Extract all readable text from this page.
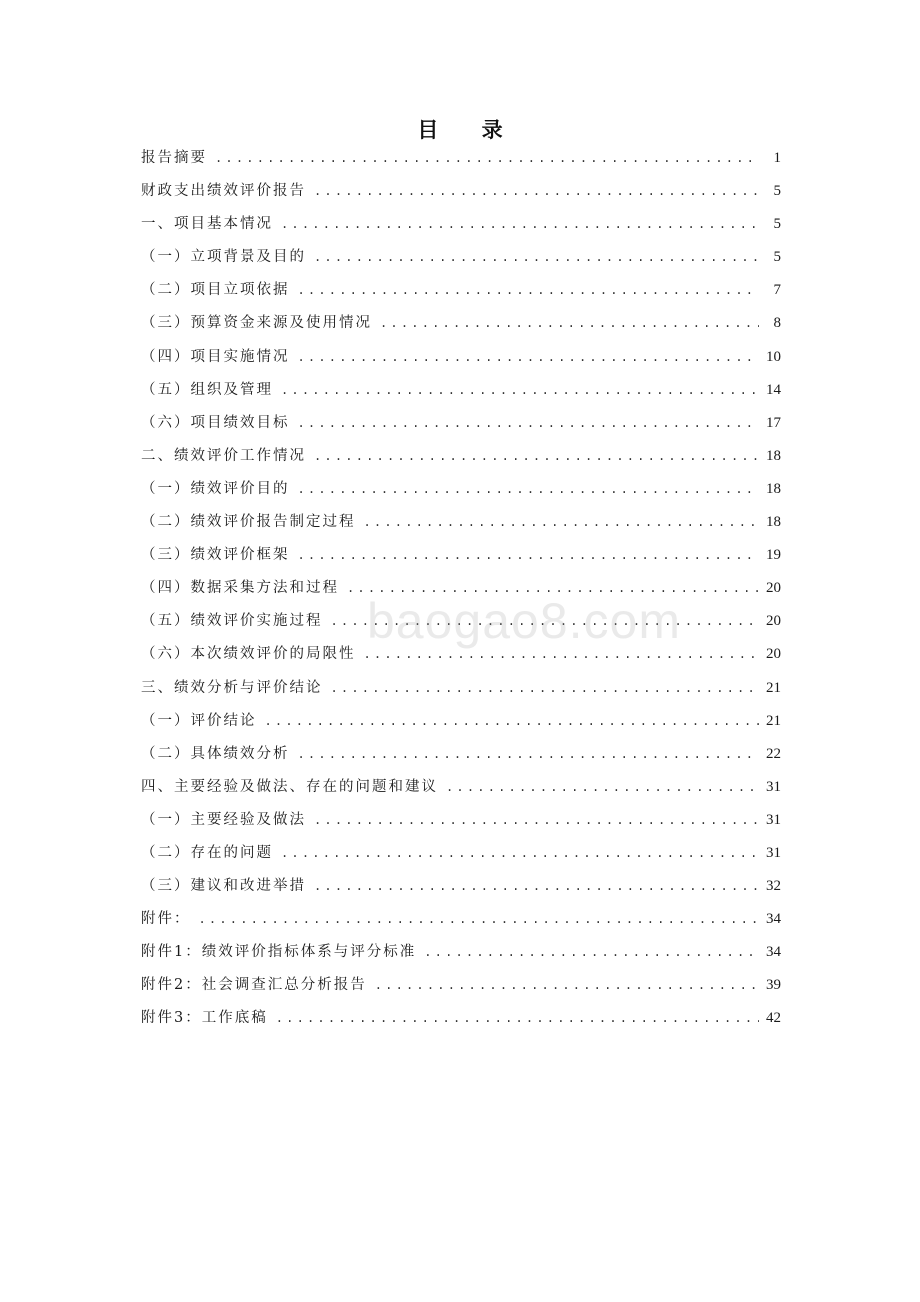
目 录
报告摘要 .....	1
财政支出绩效评价报告 .....	5
一、项目基本情况 .....	5
（一）立项背景及目的 .....	5
（二）项目立项依据 .....	7
（三）预算资金来源及使用情况 .....	8
（四）项目实施情况 .....	10
（五）组织及管理 .....	14
（六）项目绩效目标 .....	17
二、绩效评价工作情况 .....	18
（一）绩效评价目的 .....	18
（二）绩效评价报告制定过程 .....	18
（三）绩效评价框架 .....	19
（四）数据采集方法和过程 .....	20
（五）绩效评价实施过程 .....	20
（六）本次绩效评价的局限性 .....	20
三、绩效分析与评价结论 .....	21
（一）评价结论 .....	21
（二）具体绩效分析 .....	22
四、主要经验及做法、存在的问题和建议 .....	31
（一）主要经验及做法 .....	31
（二）存在的问题 .....	31
（三）建议和改进举措 .....	32
附件： .....	34
附件1：绩效评价指标体系与评分标准 .....	34
附件2：社会调查汇总分析报告 .....	39
附件3：工作底稿 .....	42
baogao8.com
